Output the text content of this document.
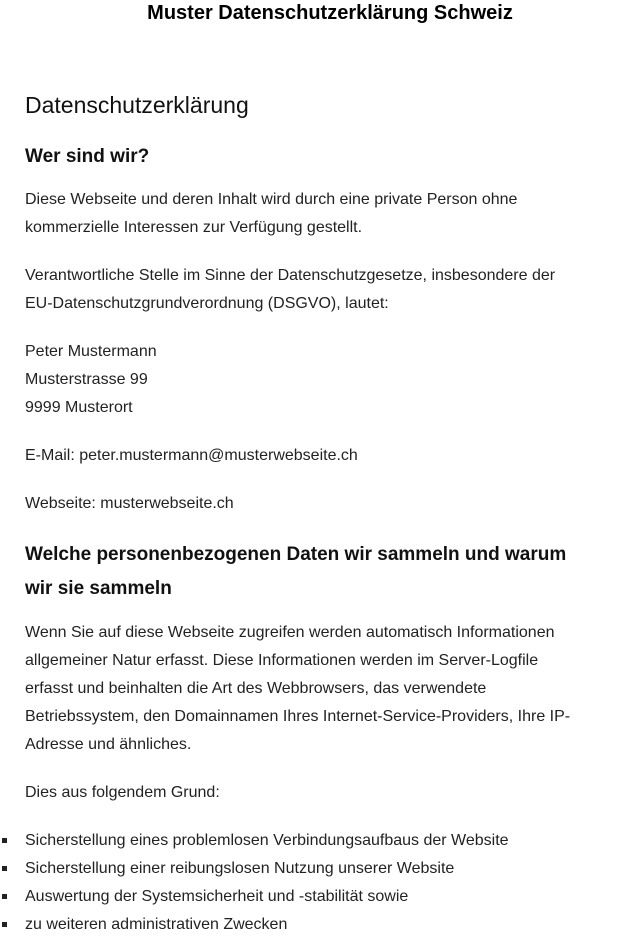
Muster Datenschutzerklärung Schweiz
Datenschutzerklärung
Wer sind wir?

Diese Webseite und deren Inhalt wird durch eine private Person ohne

kommerzielle Interessen zur Verfügung gestellt.

Verantwortliche Stelle im Sinne der Datenschutzgesetze, insbesondere der

EU-Datenschutzgrundverordnung (DSGVO), lautet:

Peter Mustermann

Musterstrasse 99

9999 Musterort

E-Mail: peter.mustermann@musterwebseite.ch

Webseite: musterwebseite.ch

Welche personenbezogenen Daten wir sammeln und warum
wir sie sammeln

Wenn Sie auf diese Webseite zugreifen werden automatisch Informationen

allgemeiner Natur erfasst. Diese Informationen werden im Server-Logfile

erfasst und beinhalten die Art des Webbrowsers, das verwendete

Betriebssystem, den Domainnamen Ihres Internet-Service-Providers, Ihre IP-

Adresse und ähnliches.

Dies aus folgendem Grund:

Sicherstellung eines problemlosen Verbindungsaufbaus der Website
Sicherstellung einer reibungslosen Nutzung unserer Website
Auswertung der Systemsicherheit und -stabilität sowie
zu weiteren administrativen Zwecken
